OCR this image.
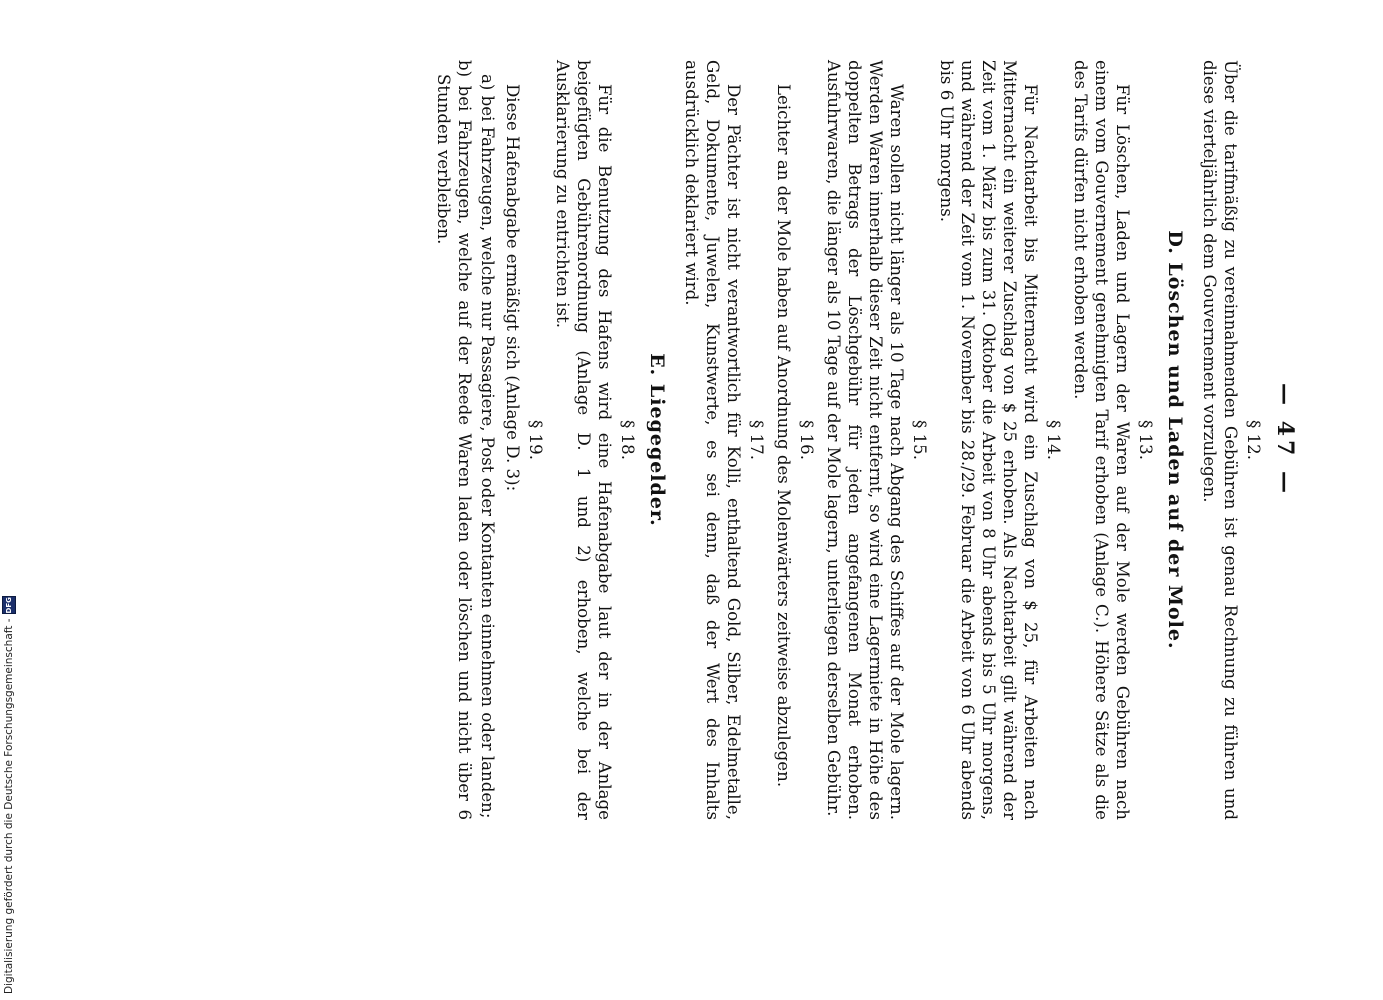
— 47 —
§ 12.

Über die tarifmäßig zu vereinnahmenden Gebühren ist genau Rechnung zu führen und diese vierteljährlich dem Gouvernement vorzulegen.

D. Löschen und Laden auf der Mole.
§ 13.

Für Löschen, Laden und Lagern der Waren auf der Mole werden Gebühren nach einem vom Gouvernement genehmigten Tarif erhoben (Anlage C.). Höhere Sätze als die des Tarifs dürfen nicht erhoben werden.

§ 14.

Für Nachtarbeit bis Mitternacht wird ein Zuschlag von $ 25, für Arbeiten nach Mitternacht ein weiterer Zuschlag von $ 25 erhoben. Als Nachtarbeit gilt während der Zeit vom 1. März bis zum 31. Oktober die Arbeit von 8 Uhr abends bis 5 Uhr morgens, und während der Zeit vom 1. November bis 28./29. Februar die Arbeit von 6 Uhr abends bis 6 Uhr morgens.

§ 15.

Waren sollen nicht länger als 10 Tage nach Abgang des Schiffes auf der Mole lagern. Werden Waren innerhalb dieser Zeit nicht entfernt, so wird eine Lagermiete in Höhe des doppelten Betrags der Löschgebühr für jeden angefangenen Monat erhoben. Ausfuhrwaren, die länger als 10 Tage auf der Mole lagern, unterliegen derselben Gebühr.

§ 16.

Leichter an der Mole haben auf Anordnung des Molenwärters zeitweise abzulegen.

§ 17.

Der Pächter ist nicht verantwortlich für Kolli, enthaltend Gold, Silber, Edelmetalle, Geld, Dokumente, Juwelen, Kunstwerte, es sei denn, daß der Wert des Inhalts ausdrücklich deklariert wird.

E. Liegegelder.
§ 18.

Für die Benutzung des Hafens wird eine Hafenabgabe laut der in der Anlage beigefügten Gebührenordnung (Anlage D. 1 und 2) erhoben, welche bei der Ausklarierung zu entrichten ist.

§ 19.

Diese Hafenabgabe ermäßigt sich (Anlage D. 3):

a) bei Fahrzeugen, welche nur Passagiere, Post oder Kontanten einnehmen oder landen;
b) bei Fahrzeugen, welche auf der Reede Waren laden oder löschen und nicht über 6 Stunden verbleiben.
Digitalisierung gefördert durch die Deutsche Forschungsgemeinschaft -
DFG
